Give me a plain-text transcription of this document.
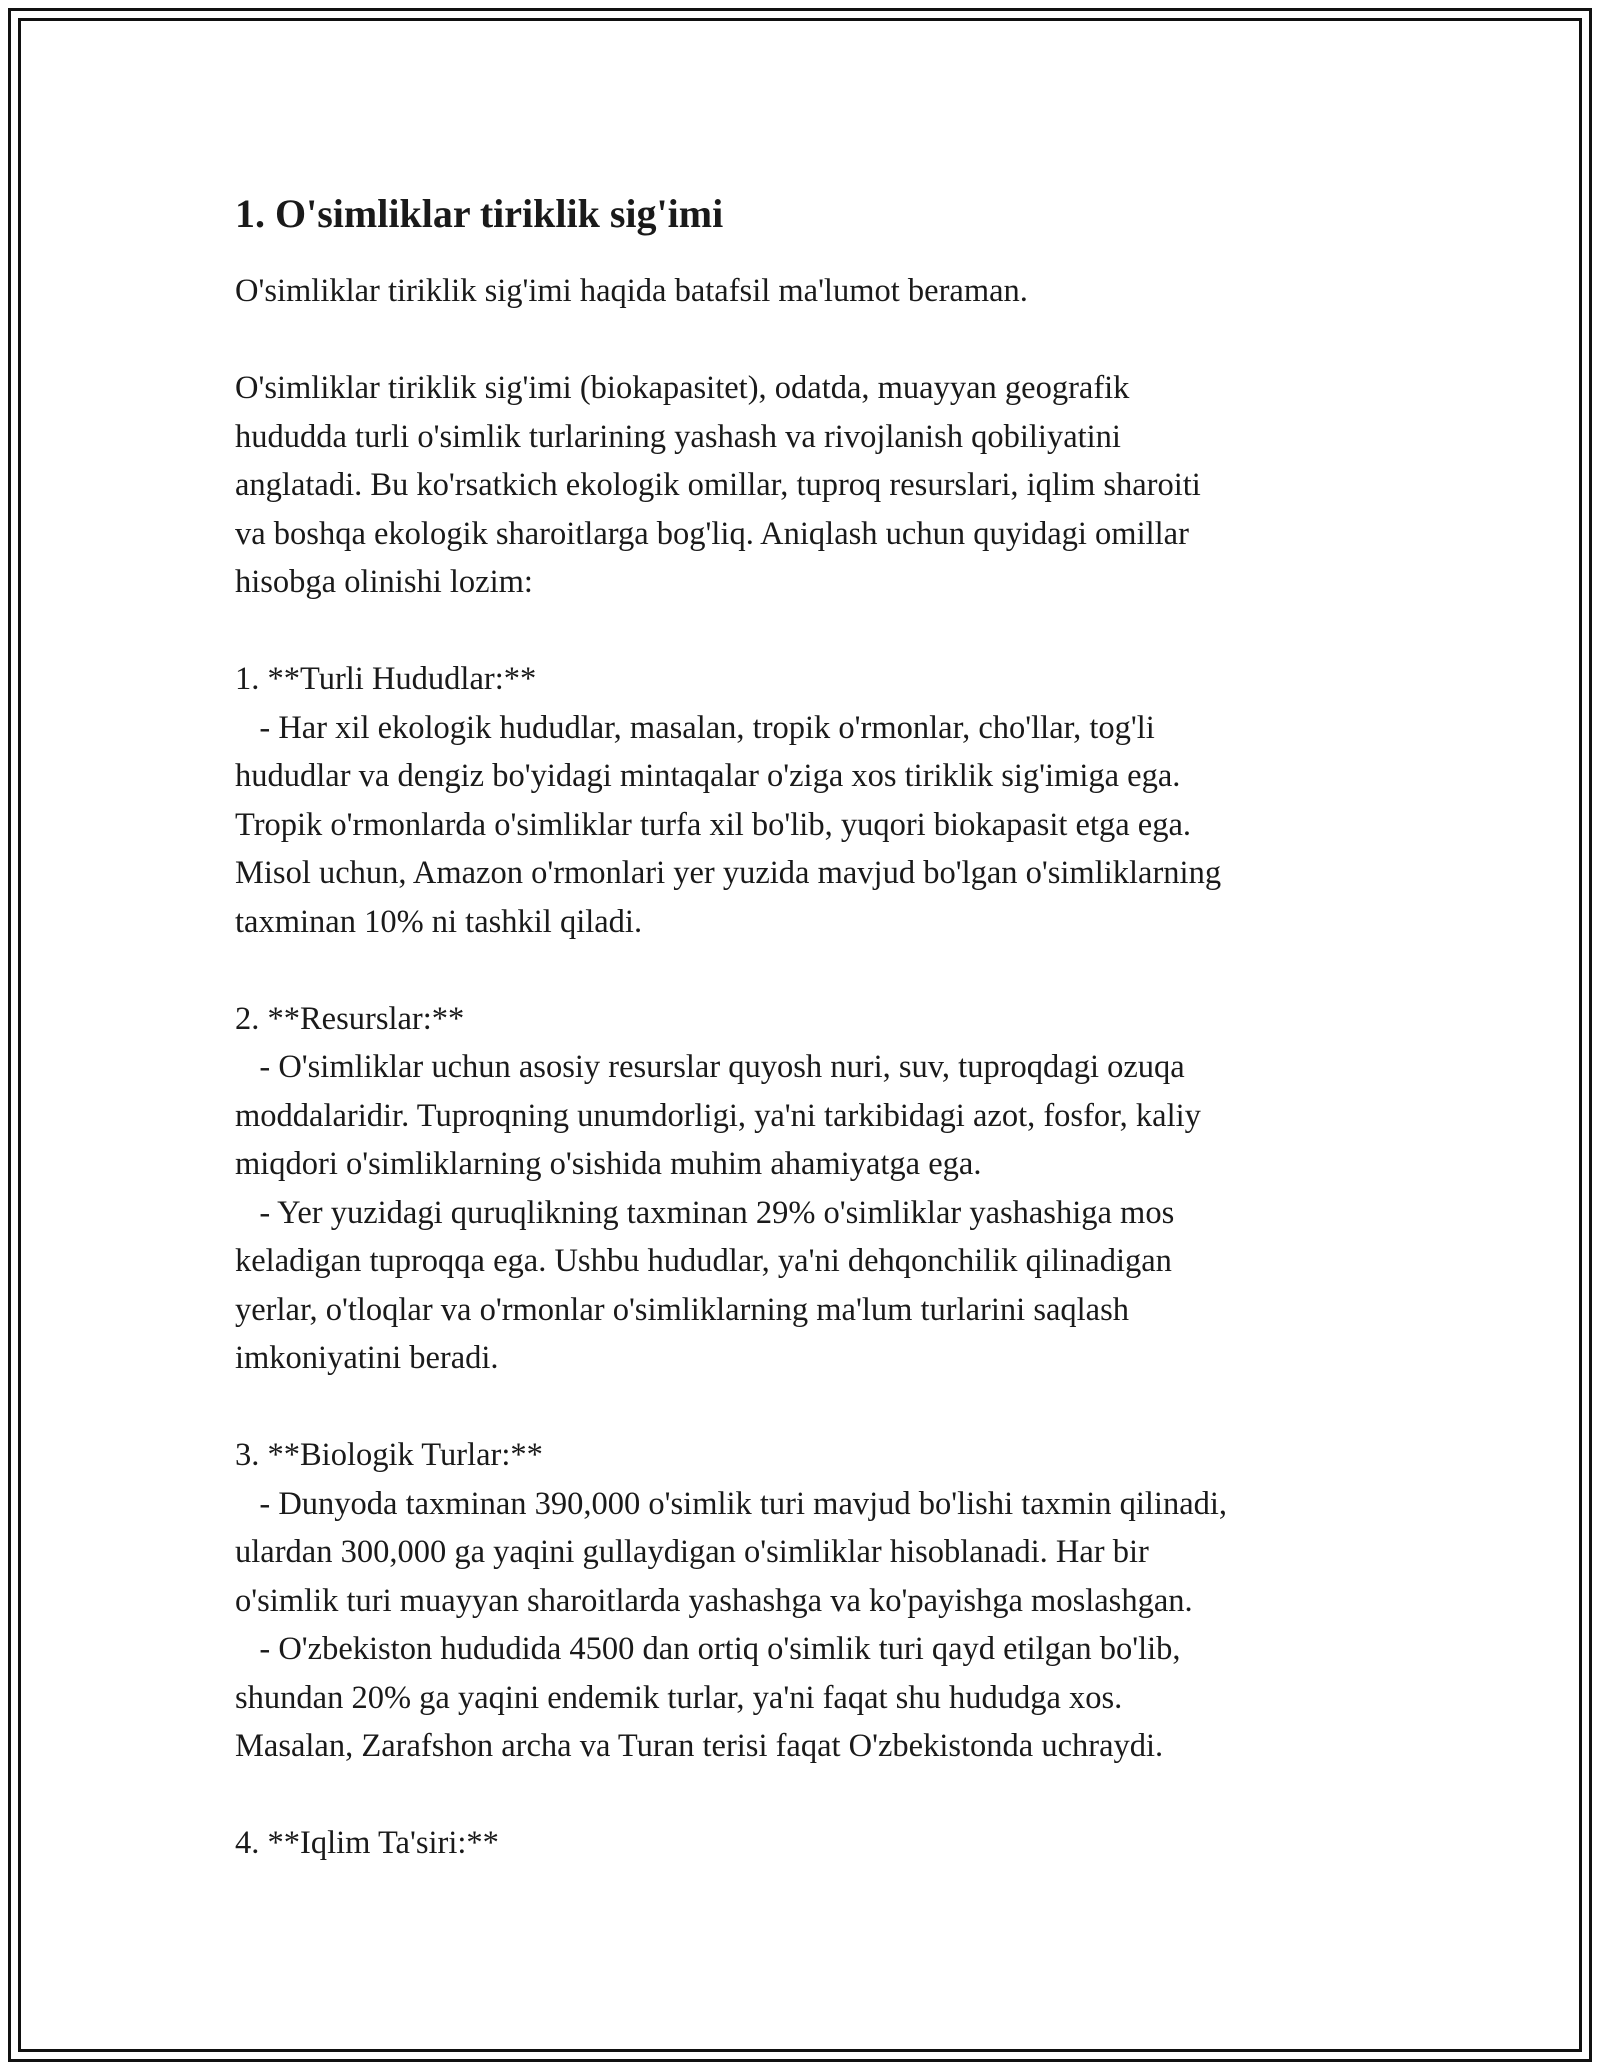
1. O'simliklar tiriklik sig'imi

O'simliklar tiriklik sig'imi haqida batafsil ma'lumot beraman.

O'simliklar tiriklik sig'imi (biokapasitet), odatda, muayyan geografik
hududda turli o'simlik turlarining yashash va rivojlanish qobiliyatini
anglatadi. Bu ko'rsatkich ekologik omillar, tuproq resurslari, iqlim sharoiti
va boshqa ekologik sharoitlarga bog'liq. Aniqlash uchun quyidagi omillar
hisobga olinishi lozim:

1. **Turli Hududlar:**
- Har xil ekologik hududlar, masalan, tropik o'rmonlar, cho'llar, tog'li
hududlar va dengiz bo'yidagi mintaqalar o'ziga xos tiriklik sig'imiga ega.
Tropik o'rmonlarda o'simliklar turfa xil bo'lib, yuqori biokapasit etga ega.
Misol uchun, Amazon o'rmonlari yer yuzida mavjud bo'lgan o'simliklarning
taxminan 10% ni tashkil qiladi.

2. **Resurslar:**
- O'simliklar uchun asosiy resurslar quyosh nuri, suv, tuproqdagi ozuqa
moddalaridir. Tuproqning unumdorligi, ya'ni tarkibidagi azot, fosfor, kaliy
miqdori o'simliklarning o'sishida muhim ahamiyatga ega.
- Yer yuzidagi quruqlikning taxminan 29% o'simliklar yashashiga mos
keladigan tuproqqa ega. Ushbu hududlar, ya'ni dehqonchilik qilinadigan
yerlar, o'tloqlar va o'rmonlar o'simliklarning ma'lum turlarini saqlash
imkoniyatini beradi.

3. **Biologik Turlar:**
- Dunyoda taxminan 390,000 o'simlik turi mavjud bo'lishi taxmin qilinadi,
ulardan 300,000 ga yaqini gullaydigan o'simliklar hisoblanadi. Har bir
o'simlik turi muayyan sharoitlarda yashashga va ko'payishga moslashgan.
- O'zbekiston hududida 4500 dan ortiq o'simlik turi qayd etilgan bo'lib,
shundan 20% ga yaqini endemik turlar, ya'ni faqat shu hududga xos.
Masalan, Zarafshon archa va Turan terisi faqat O'zbekistonda uchraydi.

4. **Iqlim Ta'siri:**
